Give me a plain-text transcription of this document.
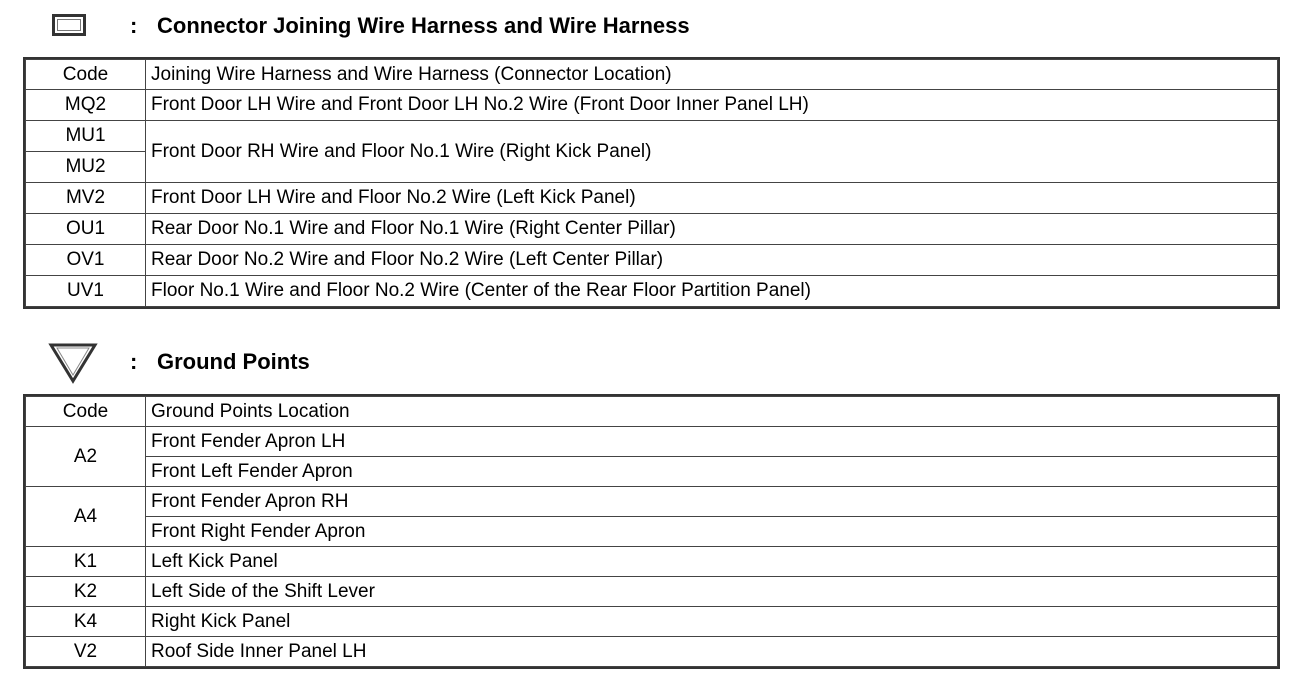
: Connector Joining Wire Harness and Wire Harness
Code	Joining Wire Harness and Wire Harness (Connector Location)

MQ2	Front Door LH Wire and Front Door LH No.2 Wire (Front Door Inner Panel LH)

MU1
MU2	Front Door RH Wire and Floor No.1 Wire (Right Kick Panel)

MV2	Front Door LH Wire and Floor No.2 Wire (Left Kick Panel)

OU1	Rear Door No.1 Wire and Floor No.1 Wire (Right Center Pillar)

OV1	Rear Door No.2 Wire and Floor No.2 Wire (Left Center Pillar)

UV1	Floor No.1 Wire and Floor No.2 Wire (Center of the Rear Floor Partition Panel)
: Ground Points
Code	Ground Points Location
A2	Front Fender Apron LH
	Front Left Fender Apron
A4	Front Fender Apron RH
	Front Right Fender Apron
K1	Left Kick Panel
K2	Left Side of the Shift Lever
K4	Right Kick Panel
V2	Roof Side Inner Panel LH
